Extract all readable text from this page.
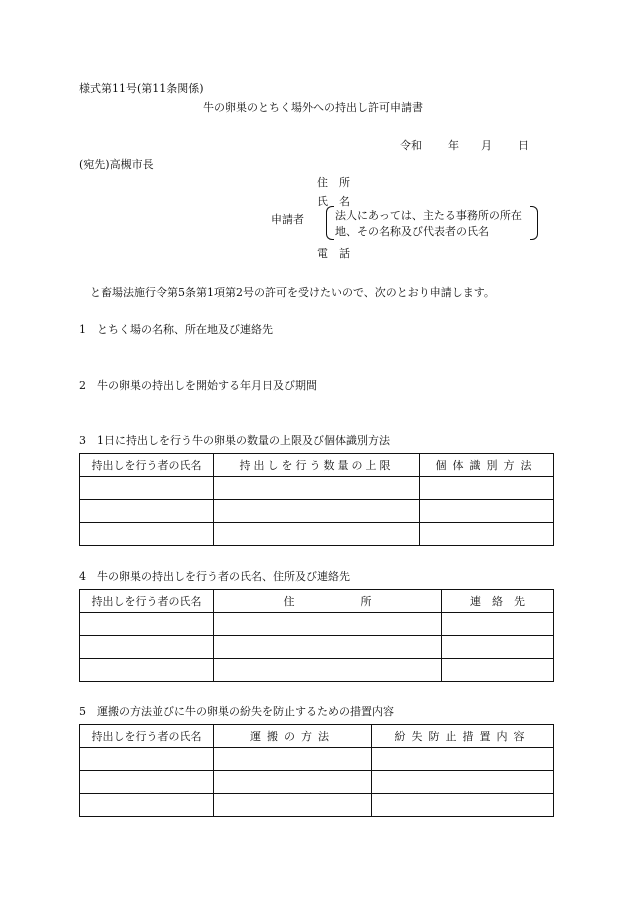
様式第11号(第11条関係)
牛の卵巣のとちく場外への持出し許可申請書
令和 年 月 日
(宛先)高槻市長
住　所
氏　名
申請者	法人にあっては、主たる事務所の所在
地、その名称及び代表者の氏名
電　話
と畜場法施行令第5条第1項第2号の許可を受けたいので、次のとおり申請します。
1　とちく場の名称、所在地及び連絡先
2　牛の卵巣の持出しを開始する年月日及び期間
3　1日に持出しを行う牛の卵巣の数量の上限及び個体識別方法
持出しを行う者の氏名	持出しを行う数量の上限	個体識別方法

4　牛の卵巣の持出しを行う者の氏名、住所及び連絡先
持出しを行う者の氏名	住　　　　　　所	連　絡　先

5　運搬の方法並びに牛の卵巣の紛失を防止するための措置内容
持出しを行う者の氏名	運搬の方法	紛失防止措置内容
